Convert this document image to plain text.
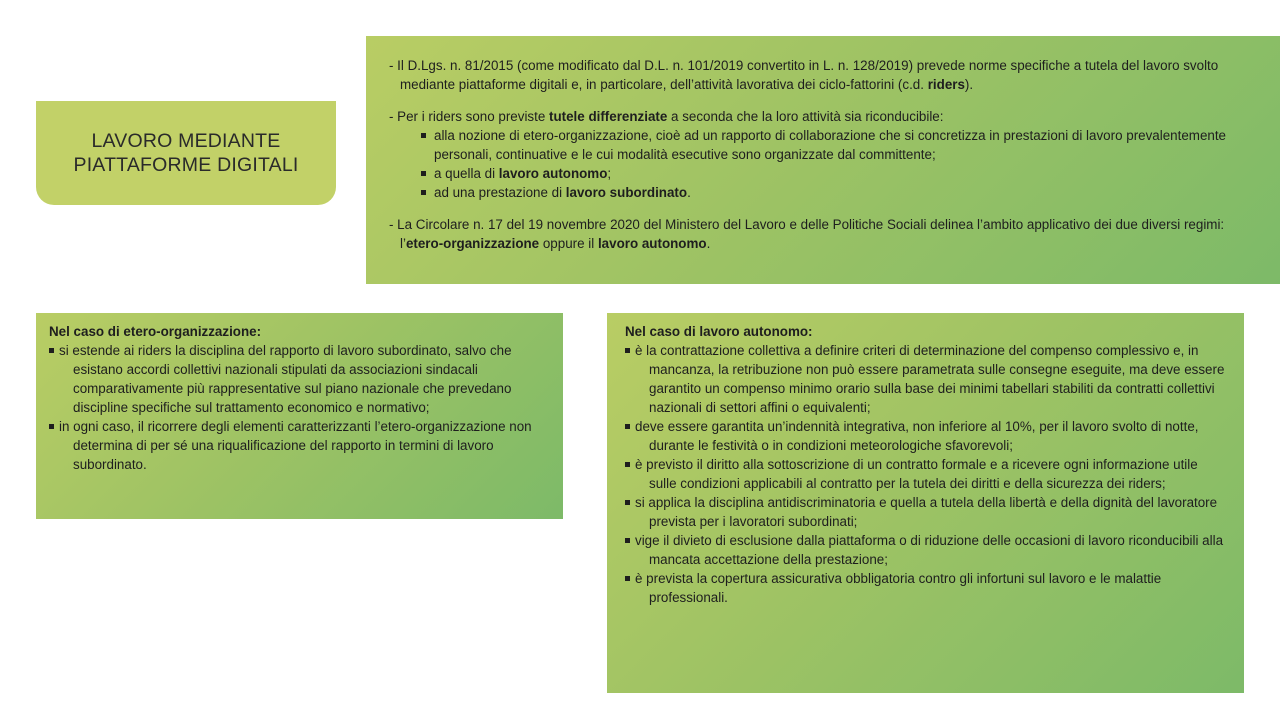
LAVORO MEDIANTE
PIATTAFORME DIGITALI

- Il D.Lgs. n. 81/2015 (come modificato dal D.L. n. 101/2019 convertito in L. n. 128/2019) prevede norme specifiche a tutela del lavoro svolto mediante piattaforme digitali e, in particolare, dell’attività lavorativa dei ciclo-fattorini (c.d. riders).

- Per i riders sono previste tutele differenziate a seconda che la loro attività sia riconducibile:

alla nozione di etero-organizzazione, cioè ad un rapporto di collaborazione che si concretizza in prestazioni di lavoro prevalentemente personali, continuative e le cui modalità esecutive sono organizzate dal committente;
a quella di lavoro autonomo;
ad una prestazione di lavoro subordinato.

- La Circolare n. 17 del 19 novembre 2020 del Ministero del Lavoro e delle Politiche Sociali delinea l’ambito applicativo dei due diversi regimi: l’etero-organizzazione oppure il lavoro autonomo.

Nel caso di etero-organizzazione:

si estende ai riders la disciplina del rapporto di lavoro subordinato, salvo che esistano accordi collettivi nazionali stipulati da associazioni sindacali comparativamente più rappresentative sul piano nazionale che prevedano discipline specifiche sul trattamento economico e normativo;
in ogni caso, il ricorrere degli elementi caratterizzanti l’etero-organizzazione non determina di per sé una riqualificazione del rapporto in termini di lavoro subordinato.

Nel caso di lavoro autonomo:

è la contrattazione collettiva a definire criteri di determinazione del compenso complessivo e, in mancanza, la retribuzione non può essere parametrata sulle consegne eseguite, ma deve essere garantito un compenso minimo orario sulla base dei minimi tabellari stabiliti da contratti collettivi nazionali di settori affini o equivalenti;
deve essere garantita un’indennità integrativa, non inferiore al 10%, per il lavoro svolto di notte, durante le festività o in condizioni meteorologiche sfavorevoli;
è previsto il diritto alla sottoscrizione di un contratto formale e a ricevere ogni informazione utile sulle condizioni applicabili al contratto per la tutela dei diritti e della sicurezza dei riders;
si applica la disciplina antidiscriminatoria e quella a tutela della libertà e della dignità del lavoratore prevista per i lavoratori subordinati;
vige il divieto di esclusione dalla piattaforma o di riduzione delle occasioni di lavoro riconducibili alla mancata accettazione della prestazione;
è prevista la copertura assicurativa obbligatoria contro gli infortuni sul lavoro e le malattie professionali.
